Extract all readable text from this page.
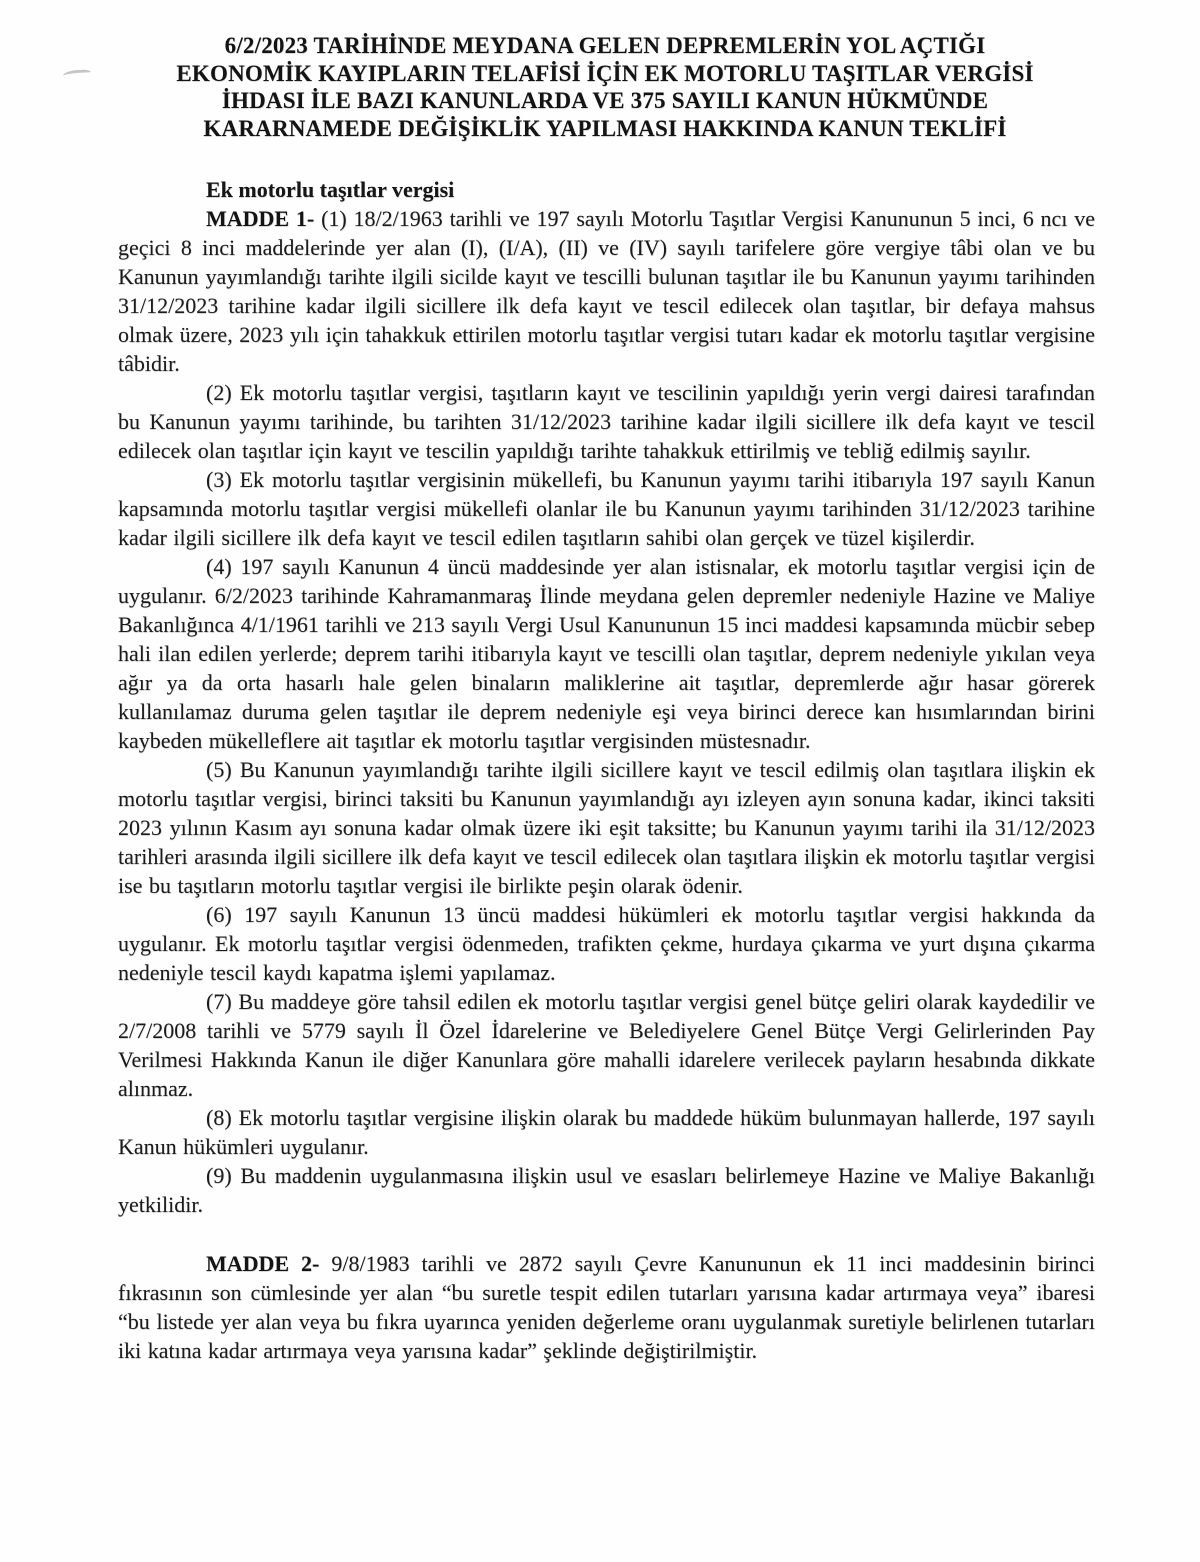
6/2/2023 TARİHİNDE MEYDANA GELEN DEPREMLERİN YOL AÇTIĞI
EKONOMİK KAYIPLARIN TELAFİSİ İÇİN EK MOTORLU TAŞITLAR VERGİSİ
İHDASI İLE BAZI KANUNLARDA VE 375 SAYILI KANUN HÜKMÜNDE
KARARNAMEDE DEĞİŞİKLİK YAPILMASI HAKKINDA KANUN TEKLİFİ
Ek motorlu taşıtlar vergisi

MADDE 1- (1) 18/2/1963 tarihli ve 197 sayılı Motorlu Taşıtlar Vergisi Kanununun 5 inci, 6 ncı ve geçici 8 inci maddelerinde yer alan (I), (I/A), (II) ve (IV) sayılı tarifelere göre vergiye tâbi olan ve bu Kanunun yayımlandığı tarihte ilgili sicilde kayıt ve tescilli bulunan taşıtlar ile bu Kanunun yayımı tarihinden 31/12/2023 tarihine kadar ilgili sicillere ilk defa kayıt ve tescil edilecek olan taşıtlar, bir defaya mahsus olmak üzere, 2023 yılı için tahakkuk ettirilen motorlu taşıtlar vergisi tutarı kadar ek motorlu taşıtlar vergisine tâbidir.

(2) Ek motorlu taşıtlar vergisi, taşıtların kayıt ve tescilinin yapıldığı yerin vergi dairesi tarafından bu Kanunun yayımı tarihinde, bu tarihten 31/12/2023 tarihine kadar ilgili sicillere ilk defa kayıt ve tescil edilecek olan taşıtlar için kayıt ve tescilin yapıldığı tarihte tahakkuk ettirilmiş ve tebliğ edilmiş sayılır.

(3) Ek motorlu taşıtlar vergisinin mükellefi, bu Kanunun yayımı tarihi itibarıyla 197 sayılı Kanun kapsamında motorlu taşıtlar vergisi mükellefi olanlar ile bu Kanunun yayımı tarihinden 31/12/2023 tarihine kadar ilgili sicillere ilk defa kayıt ve tescil edilen taşıtların sahibi olan gerçek ve tüzel kişilerdir.

(4) 197 sayılı Kanunun 4 üncü maddesinde yer alan istisnalar, ek motorlu taşıtlar vergisi için de uygulanır. 6/2/2023 tarihinde Kahramanmaraş İlinde meydana gelen depremler nedeniyle Hazine ve Maliye Bakanlığınca 4/1/1961 tarihli ve 213 sayılı Vergi Usul Kanununun 15 inci maddesi kapsamında mücbir sebep hali ilan edilen yerlerde; deprem tarihi itibarıyla kayıt ve tescilli olan taşıtlar, deprem nedeniyle yıkılan veya ağır ya da orta hasarlı hale gelen binaların maliklerine ait taşıtlar, depremlerde ağır hasar görerek kullanılamaz duruma gelen taşıtlar ile deprem nedeniyle eşi veya birinci derece kan hısımlarından birini kaybeden mükelleflere ait taşıtlar ek motorlu taşıtlar vergisinden müstesnadır.

(5) Bu Kanunun yayımlandığı tarihte ilgili sicillere kayıt ve tescil edilmiş olan taşıtlara ilişkin ek motorlu taşıtlar vergisi, birinci taksiti bu Kanunun yayımlandığı ayı izleyen ayın sonuna kadar, ikinci taksiti 2023 yılının Kasım ayı sonuna kadar olmak üzere iki eşit taksitte; bu Kanunun yayımı tarihi ila 31/12/2023 tarihleri arasında ilgili sicillere ilk defa kayıt ve tescil edilecek olan taşıtlara ilişkin ek motorlu taşıtlar vergisi ise bu taşıtların motorlu taşıtlar vergisi ile birlikte peşin olarak ödenir.

(6) 197 sayılı Kanunun 13 üncü maddesi hükümleri ek motorlu taşıtlar vergisi hakkında da uygulanır. Ek motorlu taşıtlar vergisi ödenmeden, trafikten çekme, hurdaya çıkarma ve yurt dışına çıkarma nedeniyle tescil kaydı kapatma işlemi yapılamaz.

(7) Bu maddeye göre tahsil edilen ek motorlu taşıtlar vergisi genel bütçe geliri olarak kaydedilir ve 2/7/2008 tarihli ve 5779 sayılı İl Özel İdarelerine ve Belediyelere Genel Bütçe Vergi Gelirlerinden Pay Verilmesi Hakkında Kanun ile diğer Kanunlara göre mahalli idarelere verilecek payların hesabında dikkate alınmaz.

(8) Ek motorlu taşıtlar vergisine ilişkin olarak bu maddede hüküm bulunmayan hallerde, 197 sayılı Kanun hükümleri uygulanır.

(9) Bu maddenin uygulanmasına ilişkin usul ve esasları belirlemeye Hazine ve Maliye Bakanlığı yetkilidir.

MADDE 2- 9/8/1983 tarihli ve 2872 sayılı Çevre Kanununun ek 11 inci maddesinin birinci fıkrasının son cümlesinde yer alan “bu suretle tespit edilen tutarları yarısına kadar artırmaya veya” ibaresi “bu listede yer alan veya bu fıkra uyarınca yeniden değerleme oranı uygulanmak suretiyle belirlenen tutarları iki katına kadar artırmaya veya yarısına kadar” şeklinde değiştirilmiştir.
